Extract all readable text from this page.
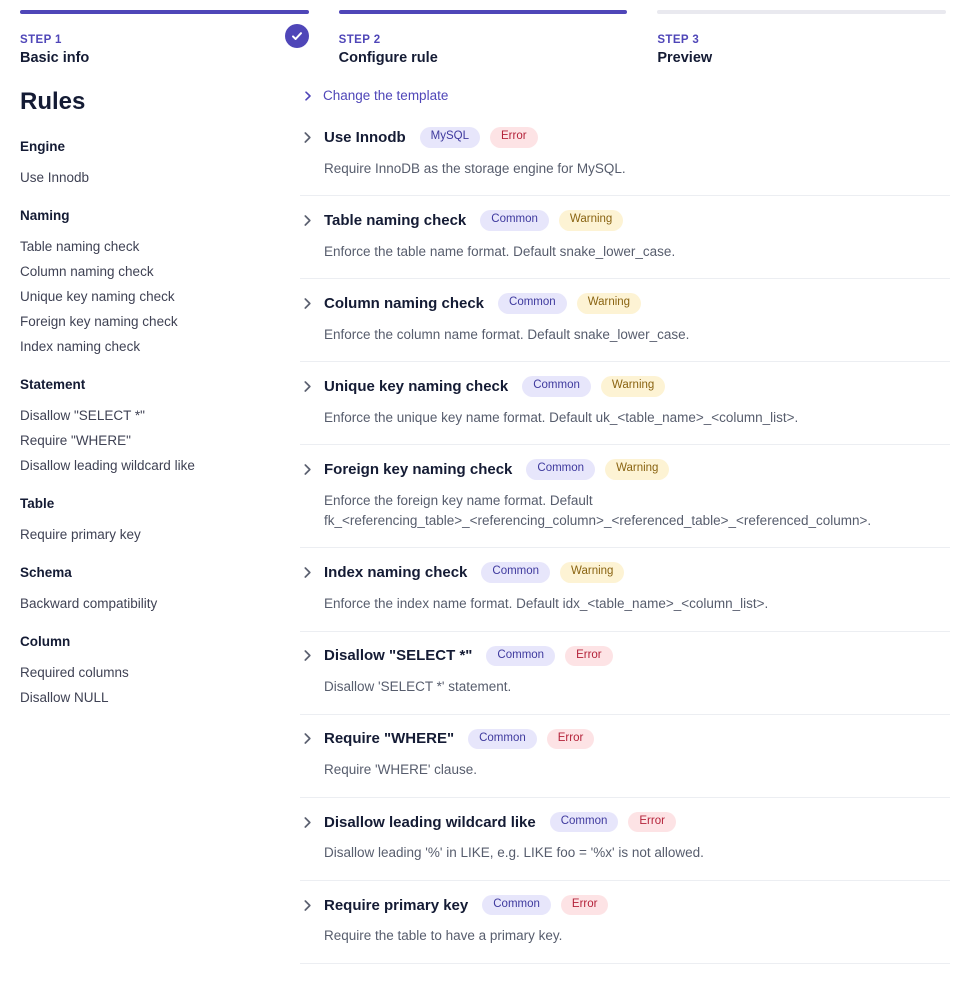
STEP 1
Basic info
STEP 2
Configure rule
STEP 3
Preview
Rules
Engine
Use Innodb
Naming
Table naming check
Column naming check
Unique key naming check
Foreign key naming check
Index naming check
Statement
Disallow "SELECT *"
Require "WHERE"
Disallow leading wildcard like
Table
Require primary key
Schema
Backward compatibility
Column
Required columns
Disallow NULL
Change the template
Use Innodb	MySQL	Error
Require InnoDB as the storage engine for MySQL.
Table naming check	Common	Warning
Enforce the table name format. Default snake_lower_case.
Column naming check	Common	Warning
Enforce the column name format. Default snake_lower_case.
Unique key naming check	Common	Warning
Enforce the unique key name format. Default uk_<table_name>_<column_list>.
Foreign key naming check	Common	Warning
Enforce the foreign key name format. Default fk_<referencing_table>_<referencing_column>_<referenced_table>_<referenced_column>.
Index naming check	Common	Warning
Enforce the index name format. Default idx_<table_name>_<column_list>.
Disallow "SELECT *"	Common	Error
Disallow 'SELECT *' statement.
Require "WHERE"	Common	Error
Require 'WHERE' clause.
Disallow leading wildcard like	Common	Error
Disallow leading '%' in LIKE, e.g. LIKE foo = '%x' is not allowed.
Require primary key	Common	Error
Require the table to have a primary key.
